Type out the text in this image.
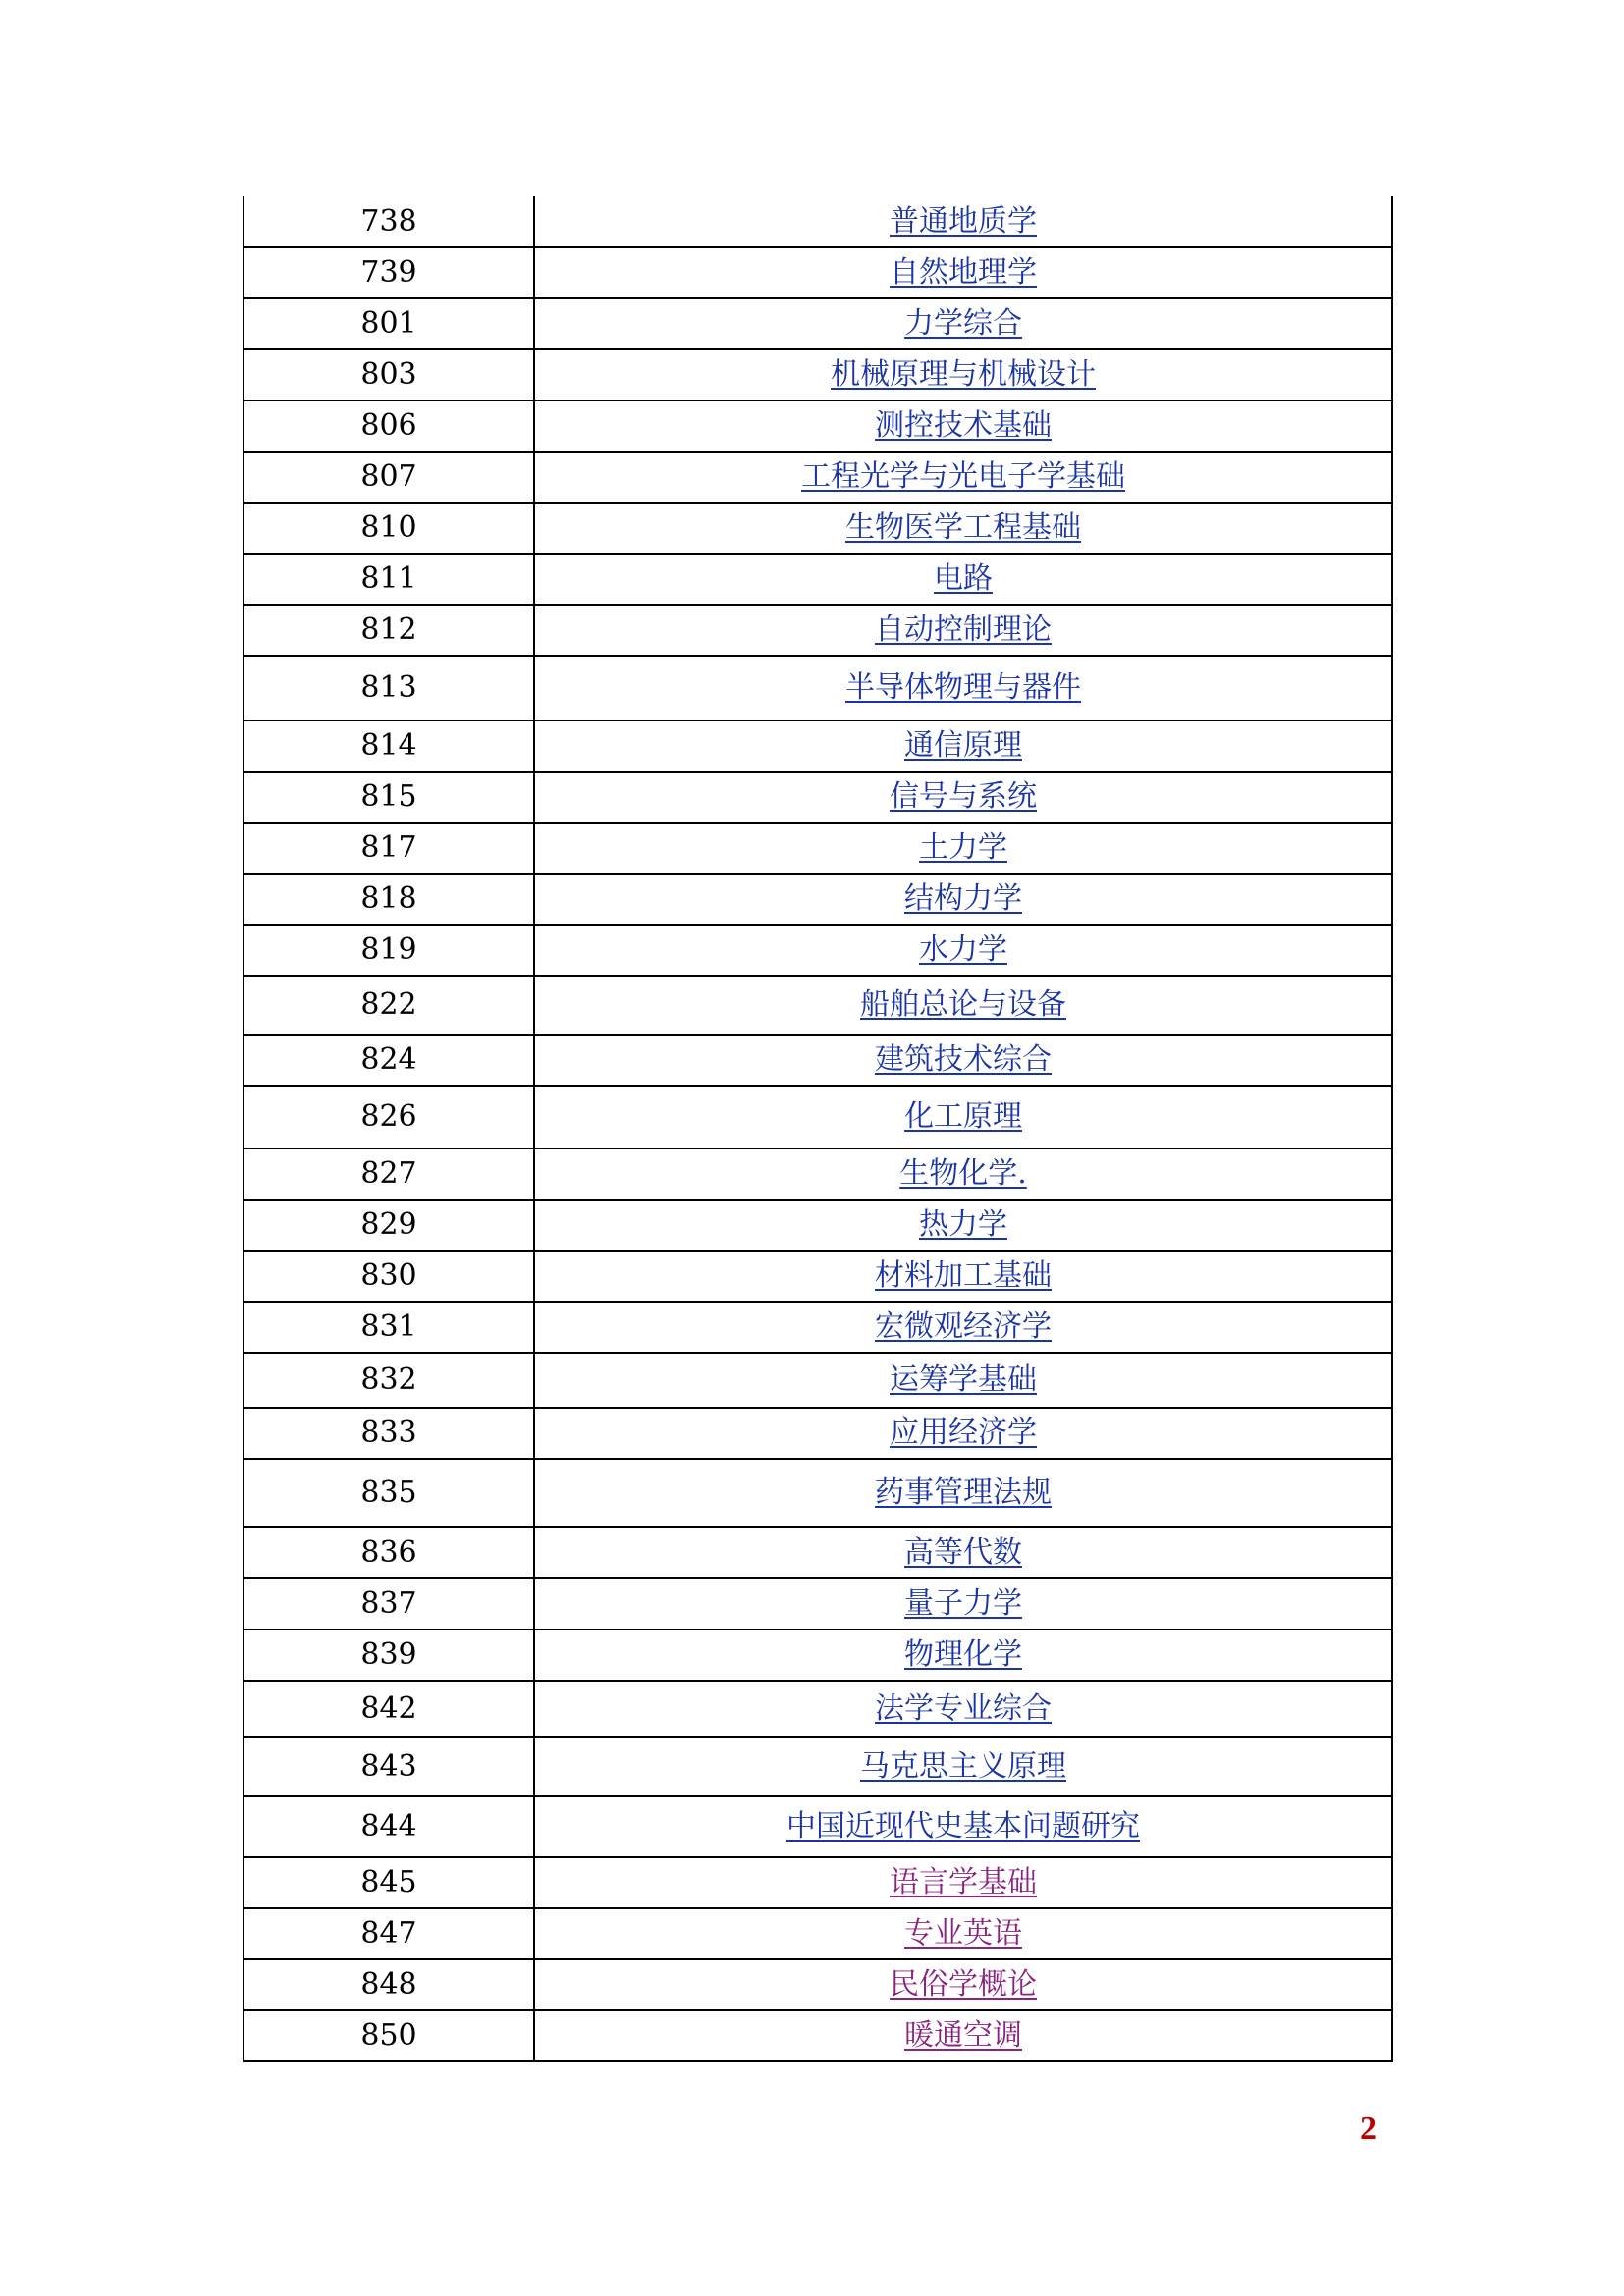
738	普通地质学
739	自然地理学
801	力学综合
803	机械原理与机械设计
806	测控技术基础
807	工程光学与光电子学基础
810	生物医学工程基础
811	电路
812	自动控制理论
813	半导体物理与器件
814	通信原理
815	信号与系统
817	土力学
818	结构力学
819	水力学
822	船舶总论与设备
824	建筑技术综合
826	化工原理
827	生物化学.
829	热力学
830	材料加工基础
831	宏微观经济学
832	运筹学基础
833	应用经济学
835	药事管理法规
836	高等代数
837	量子力学
839	物理化学
842	法学专业综合
843	马克思主义原理
844	中国近现代史基本问题研究
845	语言学基础
847	专业英语
848	民俗学概论
850	暖通空调
2
